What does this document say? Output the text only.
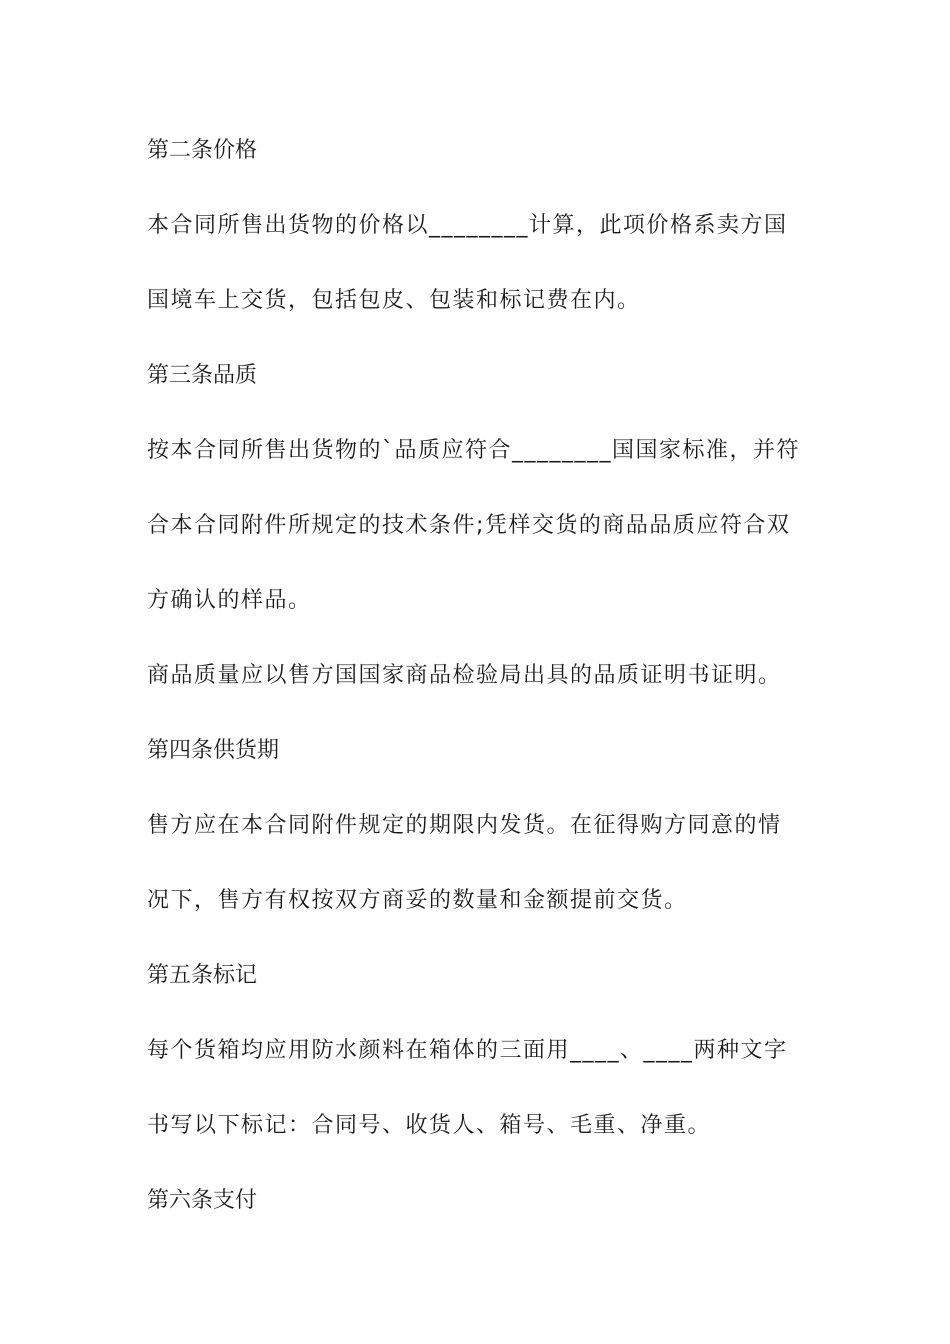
第二条价格
本合同所售出货物的价格以________计算，此项价格系卖方国
国境车上交货，包括包皮、包装和标记费在内。
第三条品质
按本合同所售出货物的`品质应符合________国国家标准，并符
合本合同附件所规定的技术条件;凭样交货的商品品质应符合双
方确认的样品。
商品质量应以售方国国家商品检验局出具的品质证明书证明。
第四条供货期
售方应在本合同附件规定的期限内发货。在征得购方同意的情
况下，售方有权按双方商妥的数量和金额提前交货。
第五条标记
每个货箱均应用防水颜料在箱体的三面用____、____两种文字
书写以下标记：合同号、收货人、箱号、毛重、净重。
第六条支付
